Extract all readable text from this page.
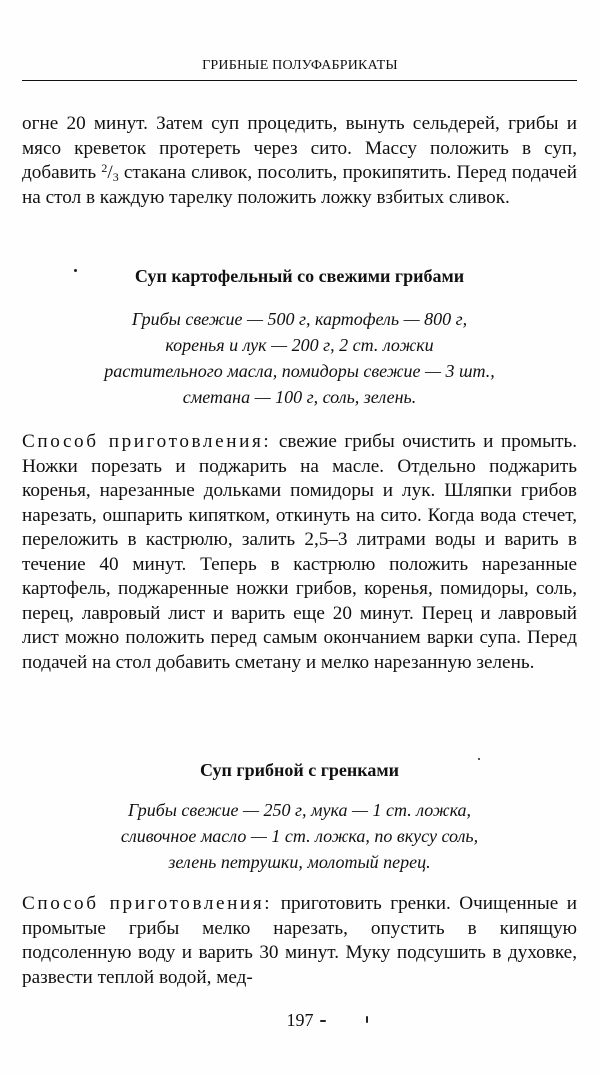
ГРИБНЫЕ ПОЛУФАБРИКАТЫ

огне 20 минут. Затем суп процедить, вынуть сельдерей, грибы и мясо креветок протереть через сито. Массу положить в суп, добавить $^2/_3$ стакана сливок, посолить, прокипятить. Перед подачей на стол в каждую тарелку положить ложку взбитых сливок.

Суп картофельный со свежими грибами
Грибы свежие — 500 г, картофель — 800 г,
коренья и лук — 200 г, 2 ст. ложки
растительного масла, помидоры свежие — 3 шт.,
сметана — 100 г, соль, зелень.

Способ приготовления: свежие грибы очистить и промыть. Ножки порезать и поджарить на масле. Отдельно поджарить коренья, нарезанные дольками помидоры и лук. Шляпки грибов нарезать, ошпарить кипятком, откинуть на сито. Когда вода стечет, переложить в кастрюлю, залить 2,5–3 литрами воды и варить в течение 40 минут. Теперь в кастрюлю положить нарезанные картофель, поджаренные ножки грибов, коренья, помидоры, соль, перец, лавровый лист и варить еще 20 минут. Перец и лавровый лист можно положить перед самым окончанием варки супа. Перед подачей на стол добавить сметану и мелко нарезанную зелень.

Суп грибной с гренками
Грибы свежие — 250 г, мука — 1 ст. ложка,
сливочное масло — 1 ст. ложка, по вкусу соль,
зелень петрушки, молотый перец.

Способ приготовления: приготовить гренки. Очищенные и промытые грибы мелко нарезать, опустить в кипящую подсоленную воду и варить 30 минут. Муку подсушить в духовке, развести теплой водой, мед-

197
